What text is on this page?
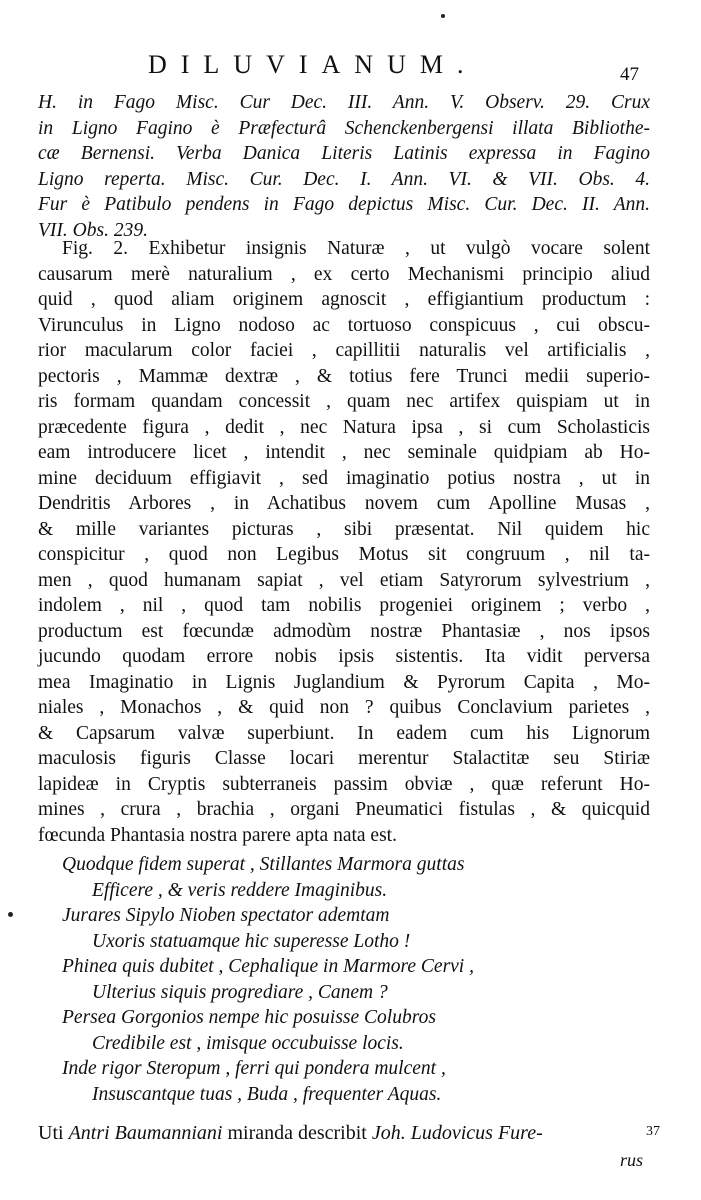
DILUVIANUM.	47
H. in Fago Misc. Cur Dec. III. Ann. V. Observ. 29. Crux
in Ligno Fagino è Præfecturâ Schenckenbergensi illata Bibliothe-
cæ Bernensi. Verba Danica Literis Latinis expressa in Fagino
Ligno reperta. Misc. Cur. Dec. I. Ann. VI. & VII. Obs. 4.
Fur è Patibulo pendens in Fago depictus Misc. Cur. Dec. II. Ann.
VII. Obs. 239.
Fig. 2. Exhibetur insignis Naturæ , ut vulgò vocare solent
causarum merè naturalium , ex certo Mechanismi principio aliud
quid , quod aliam originem agnoscit , effigiantium productum :
Virunculus in Ligno nodoso ac tortuoso conspicuus , cui obscu-
rior macularum color faciei , capillitii naturalis vel artificialis ,
pectoris , Mammæ dextræ , & totius fere Trunci medii superio-
ris formam quandam concessit , quam nec artifex quispiam ut in
præcedente figura , dedit , nec Natura ipsa , si cum Scholasticis
eam introducere licet , intendit , nec seminale quidpiam ab Ho-
mine deciduum effigiavit , sed imaginatio potius nostra , ut in
Dendritis Arbores , in Achatibus novem cum Apolline Musas ,
& mille variantes picturas , sibi præsentat. Nil quidem hic
conspicitur , quod non Legibus Motus sit congruum , nil ta-
men , quod humanam sapiat , vel etiam Satyrorum sylvestrium ,
indolem , nil , quod tam nobilis progeniei originem ; verbo ,
productum est fœcundæ admodùm nostræ Phantasiæ , nos ipsos
jucundo quodam errore nobis ipsis sistentis. Ita vidit perversa
mea Imaginatio in Lignis Juglandium & Pyrorum Capita , Mo-
niales , Monachos , & quid non ? quibus Conclavium parietes ,
& Capsarum valvæ superbiunt. In eadem cum his Lignorum
maculosis figuris Classe locari merentur Stalactitæ seu Stiriæ
lapideæ in Cryptis subterraneis passim obviæ , quæ referunt Ho-
mines , crura , brachia , organi Pneumatici fistulas , & quicquid
fœcunda Phantasia nostra parere apta nata est.
Quodque fidem superat , Stillantes Marmora guttas
Efficere , & veris reddere Imaginibus.
Jurares Sipylo Nioben spectator ademtam
Uxoris statuamque hic superesse Lotho !
Phinea quis dubitet , Cephalique in Marmore Cervi ,
Ulterius siquis progrediare , Canem ?
Persea Gorgonios nempe hic posuisse Colubros
Credibile est , imisque occubuisse locis.
Inde rigor Steropum , ferri qui pondera mulcent ,
Insuscantque tuas , Buda , frequenter Aquas.
Uti Antri Baumanniani miranda describit Joh. Ludovicus Fure-	37
rus
